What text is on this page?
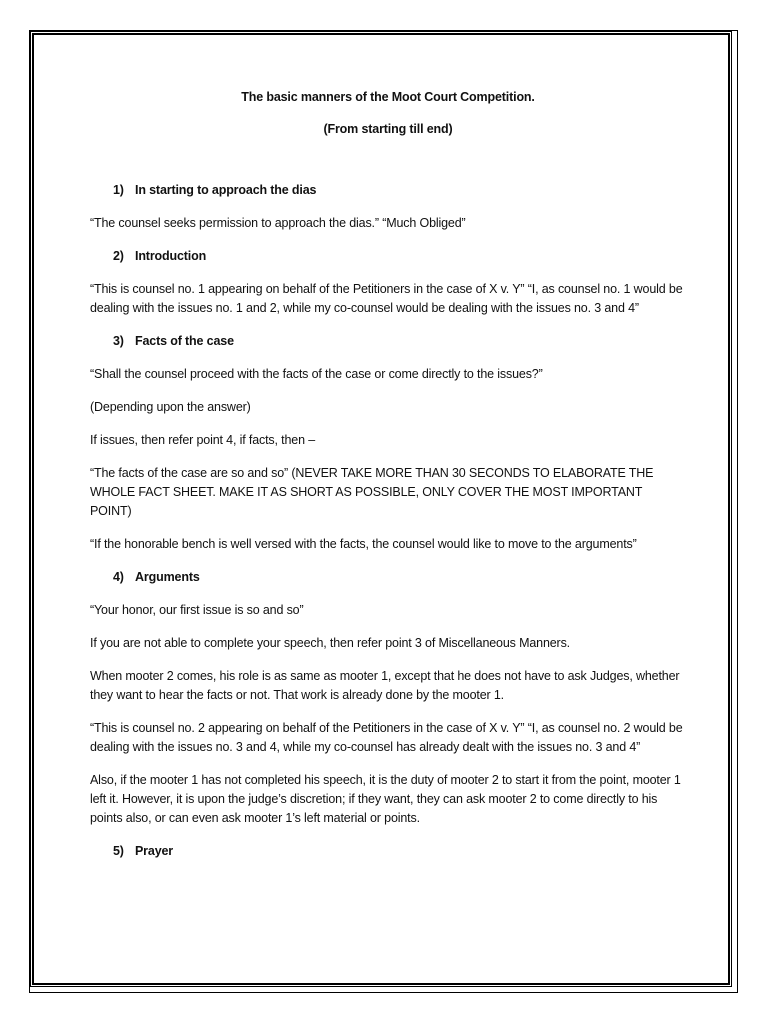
The basic manners of the Moot Court Competition.

(From starting till end)

1) In starting to approach the dias

“The counsel seeks permission to approach the dias.” “Much Obliged”

2) Introduction

“This is counsel no. 1 appearing on behalf of the Petitioners in the case of X v. Y” “I, as counsel no. 1 would be dealing with the issues no. 1 and 2, while my co-counsel would be dealing with the issues no. 3 and 4”

3) Facts of the case

“Shall the counsel proceed with the facts of the case or come directly to the issues?”

(Depending upon the answer)

If issues, then refer point 4, if facts, then –

“The facts of the case are so and so” (NEVER TAKE MORE THAN 30 SECONDS TO ELABORATE THE WHOLE FACT SHEET. MAKE IT AS SHORT AS POSSIBLE, ONLY COVER THE MOST IMPORTANT POINT)

“If the honorable bench is well versed with the facts, the counsel would like to move to the arguments”

4) Arguments

“Your honor, our first issue is so and so”

If you are not able to complete your speech, then refer point 3 of Miscellaneous Manners.

When mooter 2 comes, his role is as same as mooter 1, except that he does not have to ask Judges, whether they want to hear the facts or not. That work is already done by the mooter 1.

“This is counsel no. 2 appearing on behalf of the Petitioners in the case of X v. Y” “I, as counsel no. 2 would be dealing with the issues no. 3 and 4, while my co-counsel has already dealt with the issues no. 3 and 4”

Also, if the mooter 1 has not completed his speech, it is the duty of mooter 2 to start it from the point, mooter 1 left it. However, it is upon the judge’s discretion; if they want, they can ask mooter 2 to come directly to his points also, or can even ask mooter 1’s left material or points.

5) Prayer
